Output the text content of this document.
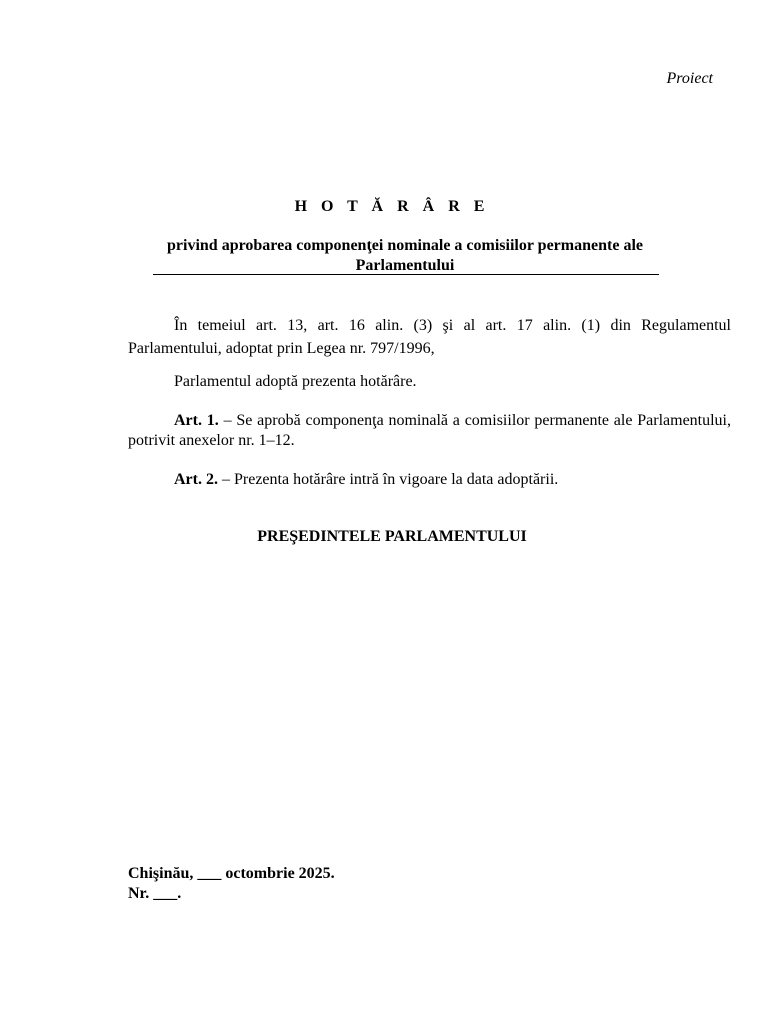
Proiect
H O T Ă R Â R E
privind aprobarea componenţei nominale a comisiilor permanente ale Parlamentului
În temeiul art. 13, art. 16 alin. (3) şi al art. 17 alin. (1) din Regulamentul Parlamentului, adoptat prin Legea nr. 797/1996,
Parlamentul adoptă prezenta hotărâre.
Art. 1. – Se aprobă componenţa nominală a comisiilor permanente ale Parlamentului, potrivit anexelor nr. 1–12.
Art. 2. – Prezenta hotărâre intră în vigoare la data adoptării.
PREŞEDINTELE PARLAMENTULUI
Chişinău, ___ octombrie 2025.
Nr. ___.
